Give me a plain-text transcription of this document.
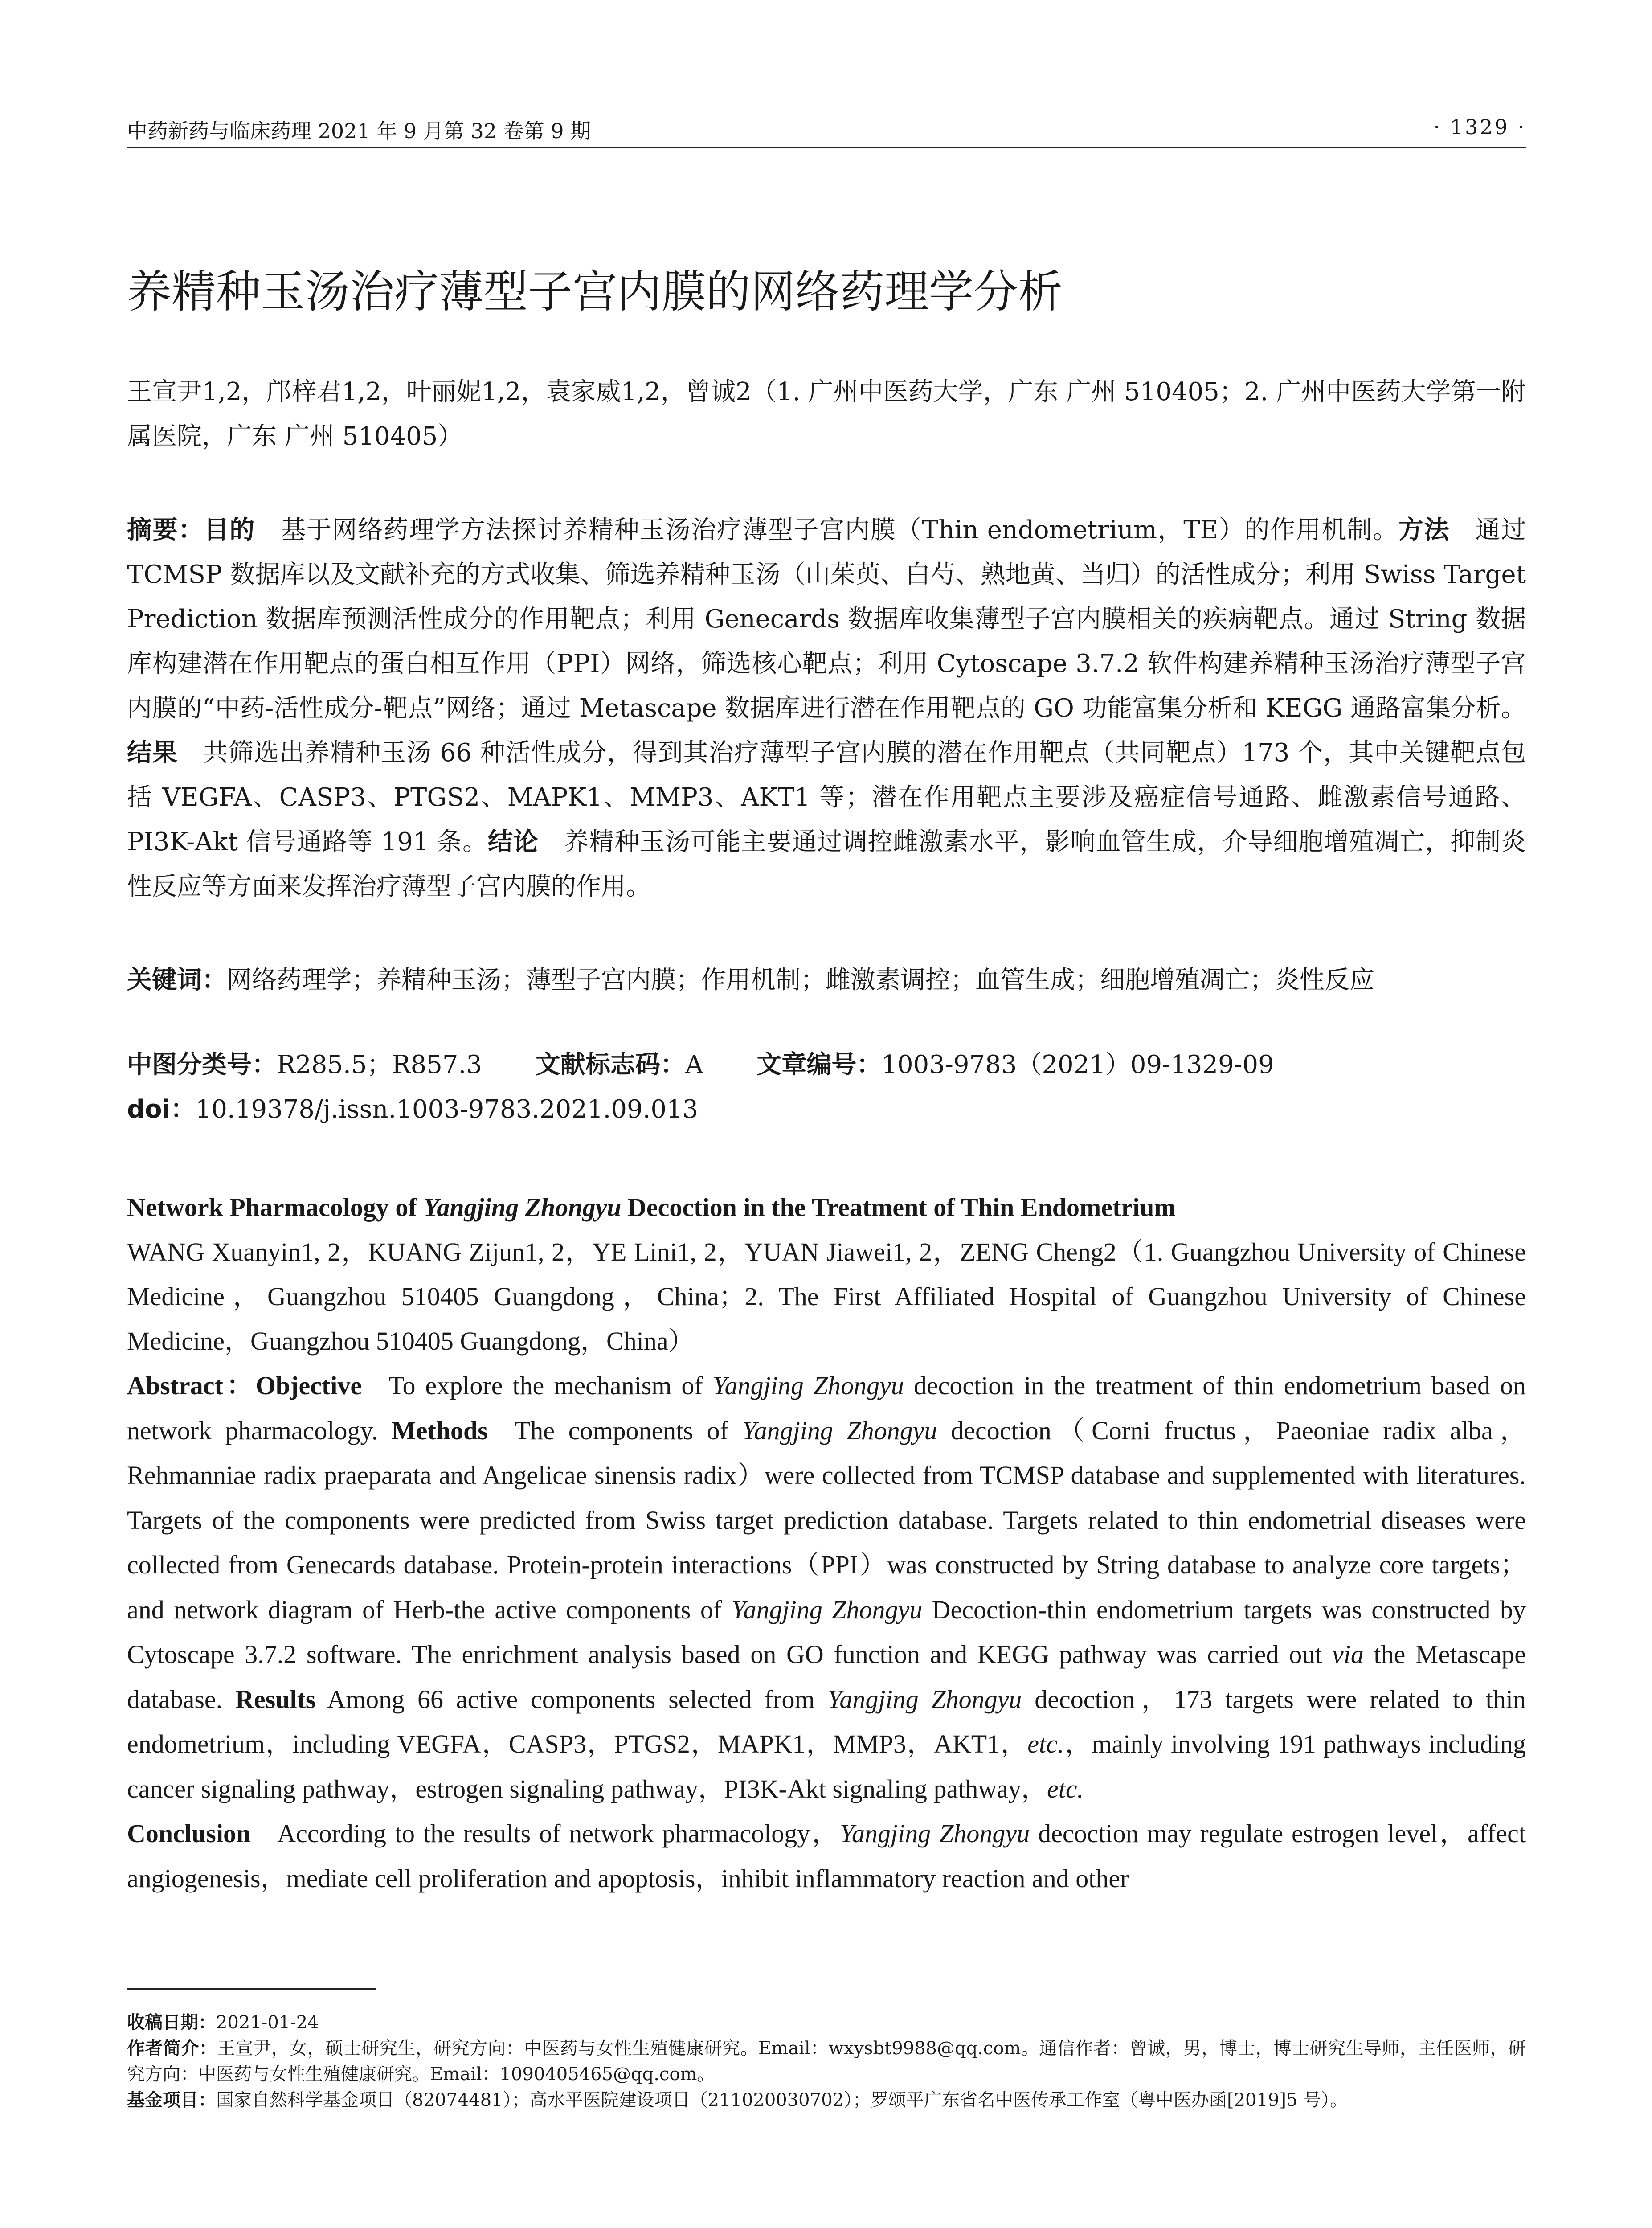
中药新药与临床药理 2021 年 9 月第 32 卷第 9 期	· 1329 ·
养精种玉汤治疗薄型子宫内膜的网络药理学分析
王宣尹1,2，邝梓君1,2，叶丽妮1,2，袁家威1,2，曾诚2（1. 广州中医药大学，广东 广州 510405；2. 广州中医药大学第一附属医院，广东 广州 510405）
摘要：目的　 基于网络药理学方法探讨养精种玉汤治疗薄型子宫内膜（Thin endometrium，TE）的作用机制。方法　 通过 TCMSP 数据库以及文献补充的方式收集、筛选养精种玉汤（山茱萸、白芍、熟地黄、当归）的活性成分；利用 Swiss Target Prediction 数据库预测活性成分的作用靶点；利用 Genecards 数据库收集薄型子宫内膜相关的疾病靶点。通过 String 数据库构建潜在作用靶点的蛋白相互作用（PPI）网络，筛选核心靶点；利用 Cytoscape 3.7.2 软件构建养精种玉汤治疗薄型子宫内膜的“中药-活性成分-靶点”网络；通过 Metascape 数据库进行潜在作用靶点的 GO 功能富集分析和 KEGG 通路富集分析。结果　 共筛选出养精种玉汤 66 种活性成分，得到其治疗薄型子宫内膜的潜在作用靶点（共同靶点）173 个，其中关键靶点包括 VEGFA、CASP3、PTGS2、MAPK1、MMP3、AKT1 等；潜在作用靶点主要涉及癌症信号通路、雌激素信号通路、PI3K-Akt 信号通路等 191 条。结论　 养精种玉汤可能主要通过调控雌激素水平，影响血管生成，介导细胞增殖凋亡，抑制炎性反应等方面来发挥治疗薄型子宫内膜的作用。
关键词：网络药理学；养精种玉汤；薄型子宫内膜；作用机制；雌激素调控；血管生成；细胞增殖凋亡；炎性反应
中图分类号：R285.5；R857.3 文献标志码：A 文章编号：1003-9783（2021）09-1329-09
doi：10.19378/j.issn.1003-9783.2021.09.013
Network Pharmacology of Yangjing Zhongyu Decoction in the Treatment of Thin Endometrium
WANG Xuanyin1, 2，KUANG Zijun1, 2，YE Lini1, 2，YUAN Jiawei1, 2，ZENG Cheng2（1. Guangzhou University of Chinese Medicine，Guangzhou 510405 Guangdong，China；2. The First Affiliated Hospital of Guangzhou University of Chinese Medicine，Guangzhou 510405 Guangdong，China）
Abstract：Objective To explore the mechanism of Yangjing Zhongyu decoction in the treatment of thin endometrium based on network pharmacology. Methods The components of Yangjing Zhongyu decoction（Corni fructus，Paeoniae radix alba，Rehmanniae radix praeparata and Angelicae sinensis radix）were collected from TCMSP database and supplemented with literatures. Targets of the components were predicted from Swiss target prediction database. Targets related to thin endometrial diseases were collected from Genecards database. Protein-protein interactions（PPI）was constructed by String database to analyze core targets；and network diagram of Herb-the active components of Yangjing Zhongyu Decoction-thin endometrium targets was constructed by Cytoscape 3.7.2 software. The enrichment analysis based on GO function and KEGG pathway was carried out via the Metascape database. Results Among 66 active components selected from Yangjing Zhongyu decoction，173 targets were related to thin endometrium，including VEGFA，CASP3，PTGS2，MAPK1，MMP3，AKT1，etc.，mainly involving 191 pathways including cancer signaling pathway，estrogen signaling pathway，PI3K-Akt signaling pathway，etc.
Conclusion According to the results of network pharmacology，Yangjing Zhongyu decoction may regulate estrogen level，affect angiogenesis，mediate cell proliferation and apoptosis，inhibit inflammatory reaction and other

收稿日期：2021-01-24

作者简介：王宣尹，女，硕士研究生，研究方向：中医药与女性生殖健康研究。Email：wxysbt9988@qq.com。通信作者：曾诚，男，博士，博士研究生导师，主任医师，研究方向：中医药与女性生殖健康研究。Email：1090405465@qq.com。

基金项目：国家自然科学基金项目（82074481）；高水平医院建设项目（211020030702）；罗颂平广东省名中医传承工作室（粤中医办函[2019]5 号）。
